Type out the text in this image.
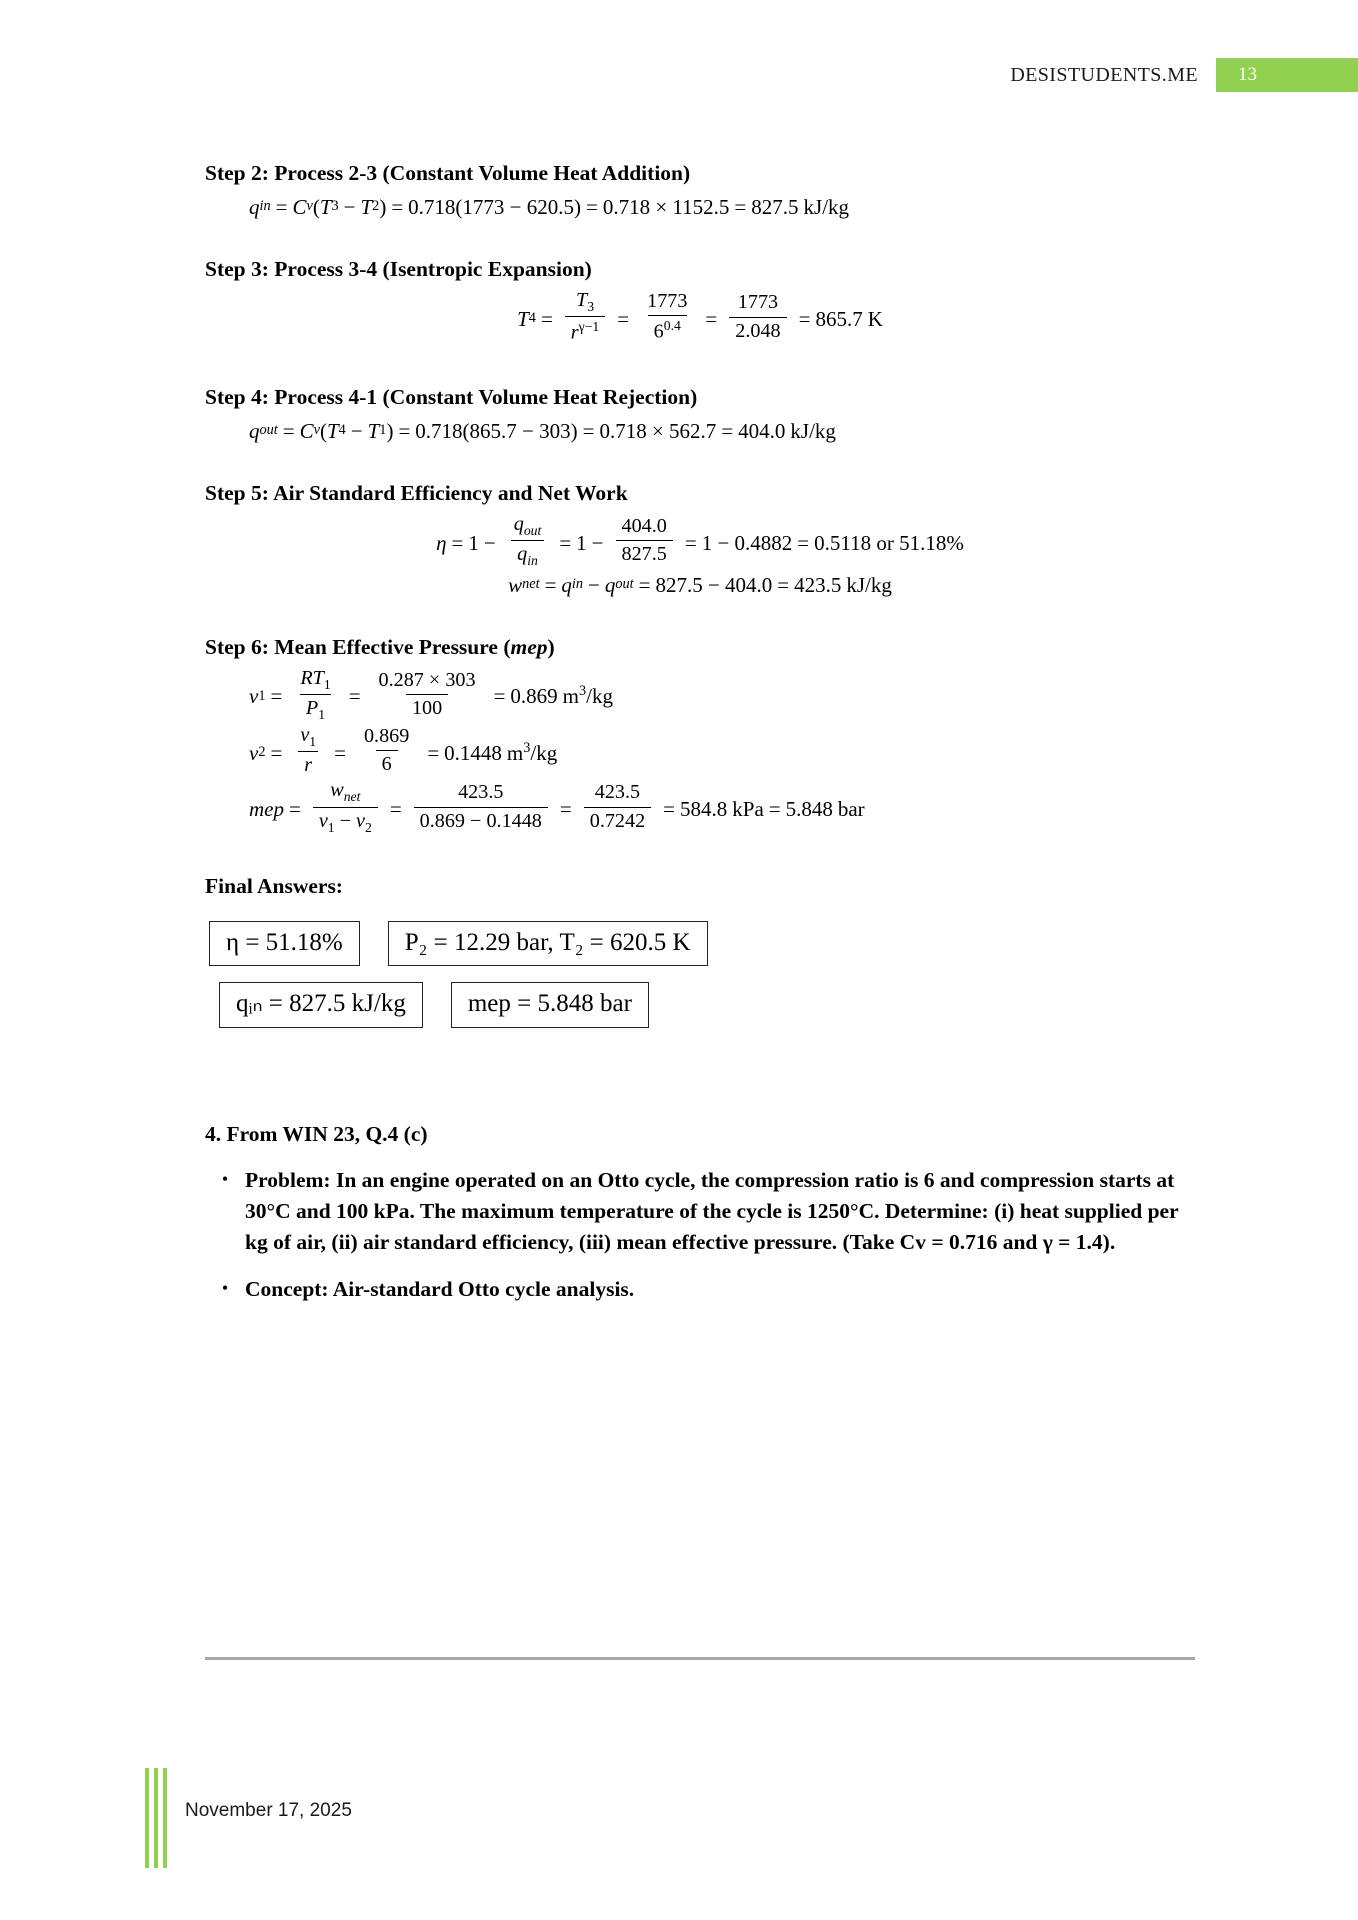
DESISTUDENTS.ME	13

Step 2: Process 2-3 (Constant Volume Heat Addition)

q in = C v ( T 3 − T 2 ) = 0.718(1773 − 620.5) = 0.718 × 1152.5 = 827.5 kJ/kg

Step 3: Process 3-4 (Isentropic Expansion)

T $4 = \frac{T_3}{r^{\gamma-1}} = \frac{1773}{6^{0.4}} = \frac{1773}{2.048} = 865.7$ K

Step 4: Process 4-1 (Constant Volume Heat Rejection)

q out = C v ( T 4 − T 1 ) = 0.718(865.7 − 303) = 0.718 × 562.7 = 404.0 kJ/kg

Step 5: Air Standard Efficiency and Net Work

$\eta = 1 - \frac{q_{out}}{q_{in}} = 1 - \frac{404.0}{827.5} = 1 - 0.4882 = 0.5118$ or 51.18%
w net = q in − q out = 827.5 − 404.0 = 423.5 kJ/kg

Step 6: Mean Effective Pressure (mep)

v $1 = \frac{RT_1}{P_1} = \frac{0.287 \times 303}{100} = 0.869$ $m^3/kg$
v $2 = \frac{v_1}{r} = \frac{0.869}{6} = 0.1448$ $m^3/kg$
mep = $\frac{w_{net}}{v_1 - v_2} = \frac{423.5}{0.869 - 0.1448} = \frac{423.5}{0.7242} = 584.8$ kPa = 5.848 bar

Final Answers:

η = 51.18%	P₂ = 12.29 bar, T₂ = 620.5 K
qᵢₙ = 827.5 kJ/kg	mep = 5.848 bar

4. From WIN 23, Q.4 (c)

• Problem: In an engine operated on an Otto cycle, the compression ratio is 6 and compression starts at 30°C and 100 kPa. The maximum temperature of the cycle is 1250°C. Determine: (i) heat supplied per kg of air, (ii) air standard efficiency, (iii) mean effective pressure. (Take Cv = 0.716 and γ = 1.4).
• Concept: Air-standard Otto cycle analysis.
November 17, 2025
